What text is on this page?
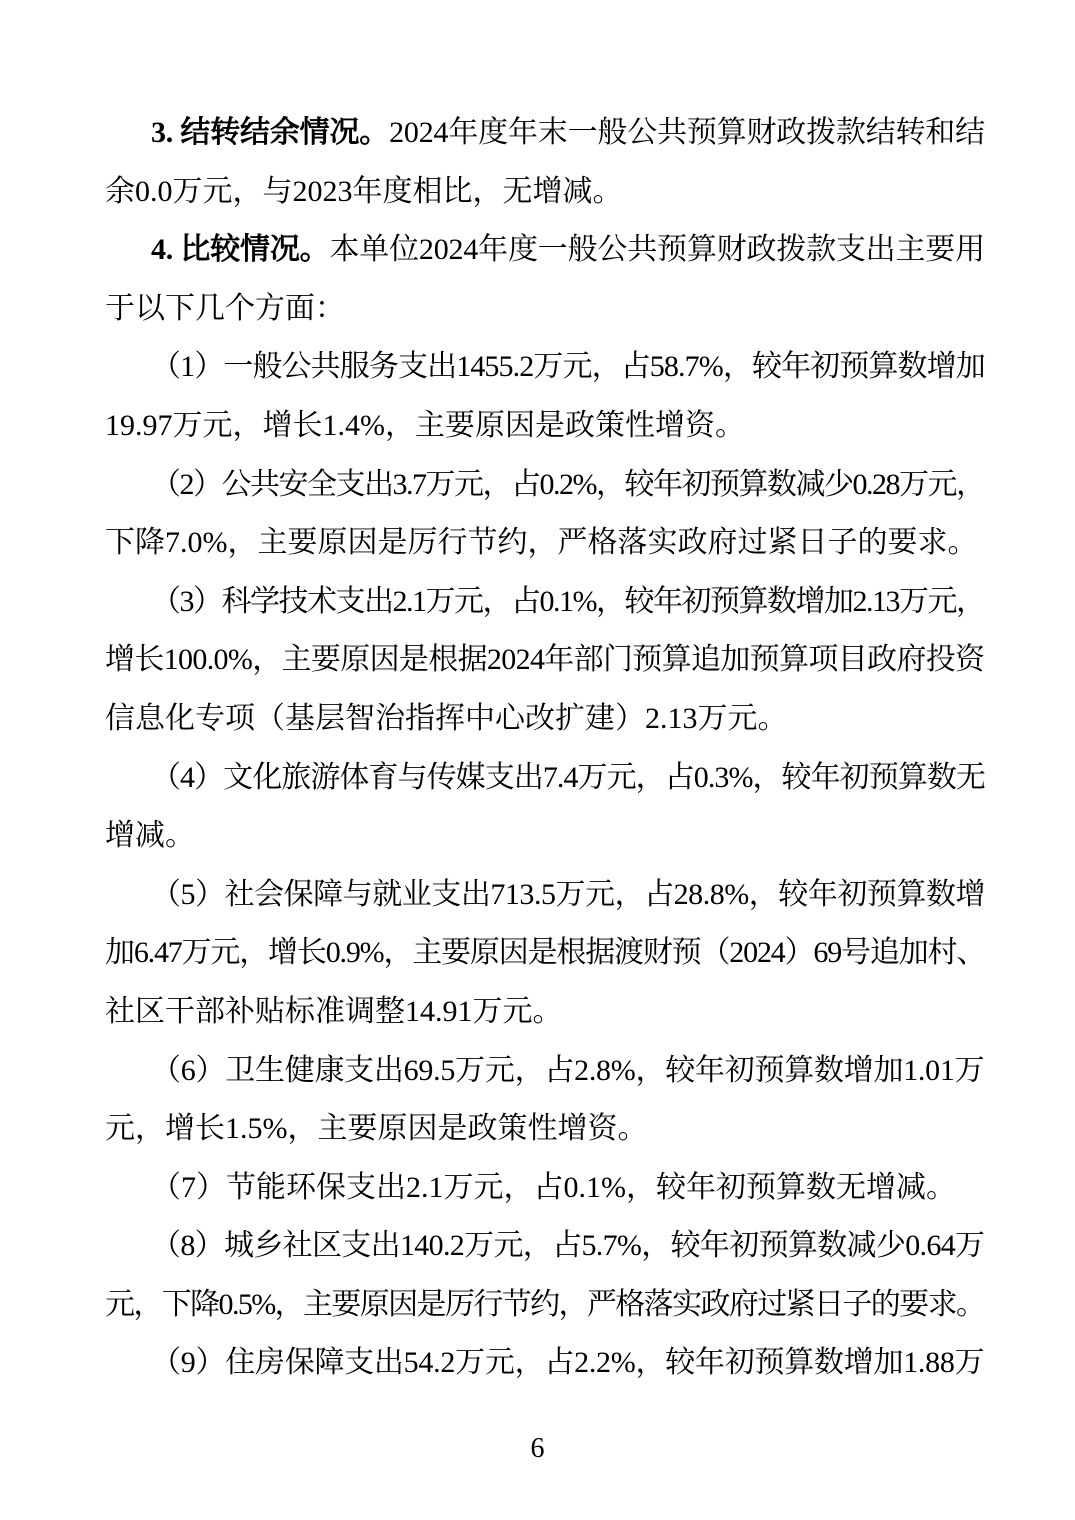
3. 结转结余情况。2024年度年末一般公共预算财政拨款结转和结
余0.0万元，与2023年度相比，无增减。
4. 比较情况。本单位2024年度一般公共预算财政拨款支出主要用
于以下几个方面：
（1）一般公共服务支出1455.2万元，占58.7%，较年初预算数增加
19.97万元，增长1.4%，主要原因是政策性增资。
（2）公共安全支出3.7万元，占0.2%，较年初预算数减少0.28万元，
下降7.0%，主要原因是厉行节约，严格落实政府过紧日子的要求。
（3）科学技术支出2.1万元，占0.1%，较年初预算数增加2.13万元，
增长100.0%，主要原因是根据2024年部门预算追加预算项目政府投资
信息化专项（基层智治指挥中心改扩建）2.13万元。
（4）文化旅游体育与传媒支出7.4万元，占0.3%，较年初预算数无
增减。
（5）社会保障与就业支出713.5万元，占28.8%，较年初预算数增
加6.47万元，增长0.9%，主要原因是根据渡财预（2024）69号追加村、
社区干部补贴标准调整14.91万元。
（6）卫生健康支出69.5万元，占2.8%，较年初预算数增加1.01万
元，增长1.5%，主要原因是政策性增资。
（7）节能环保支出2.1万元，占0.1%，较年初预算数无增减。
（8）城乡社区支出140.2万元，占5.7%，较年初预算数减少0.64万
元，下降0.5%，主要原因是厉行节约，严格落实政府过紧日子的要求。
（9）住房保障支出54.2万元，占2.2%，较年初预算数增加1.88万
6
